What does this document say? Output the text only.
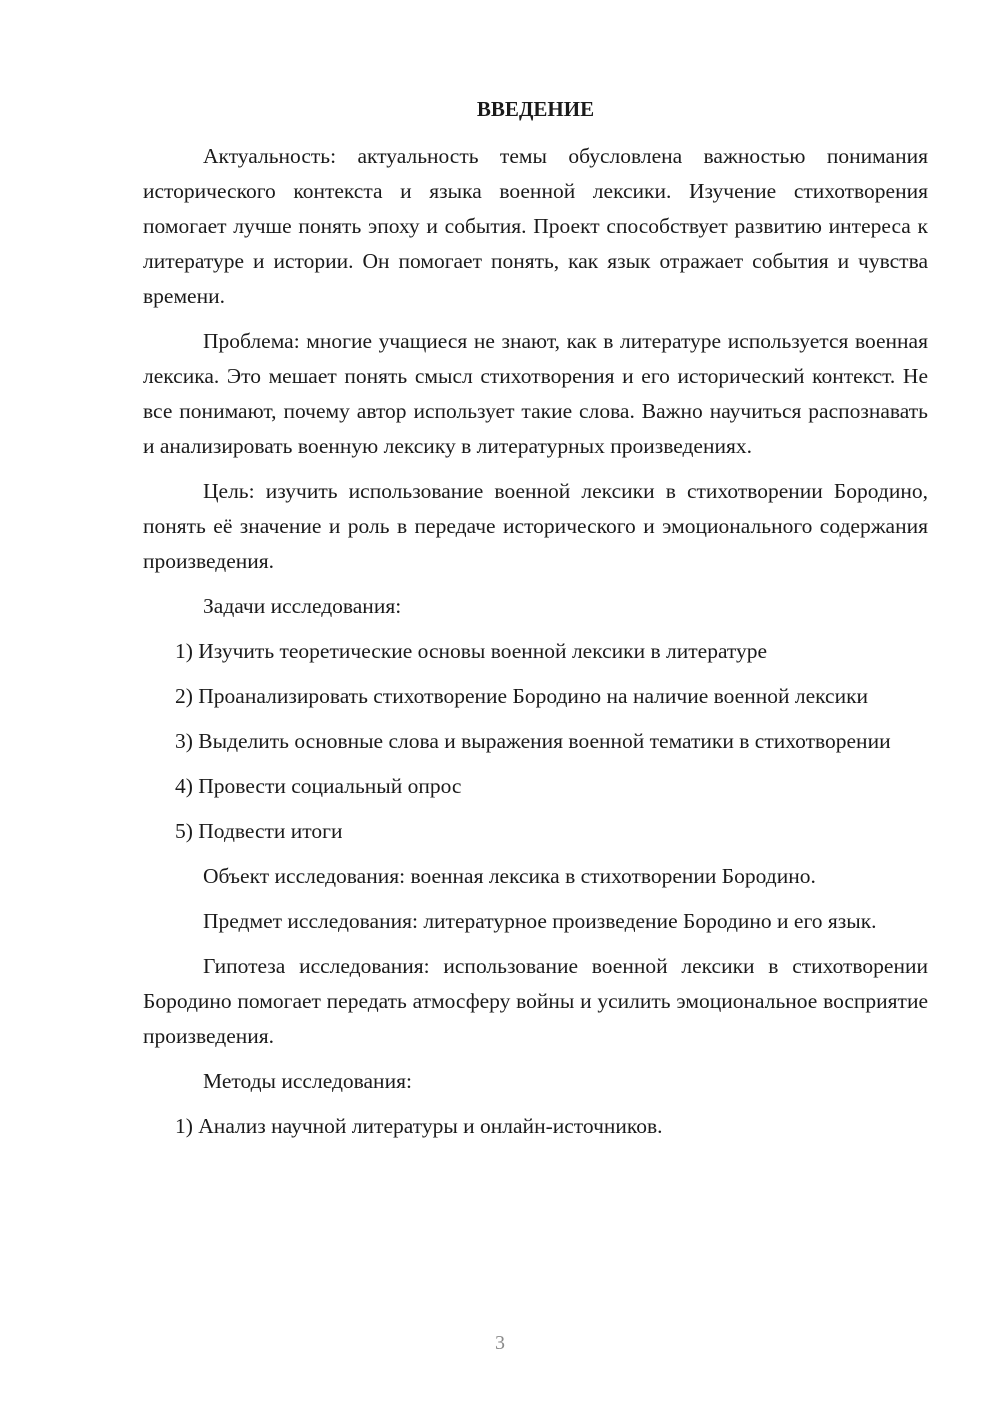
ВВЕДЕНИЕ

Актуальность: актуальность темы обусловлена важностью понимания исторического контекста и языка военной лексики. Изучение стихотворения помогает лучше понять эпоху и события. Проект способствует развитию интереса к литературе и истории. Он помогает понять, как язык отражает события и чувства времени.

Проблема: многие учащиеся не знают, как в литературе используется военная лексика. Это мешает понять смысл стихотворения и его исторический контекст. Не все понимают, почему автор использует такие слова. Важно научиться распознавать и анализировать военную лексику в литературных произведениях.

Цель: изучить использование военной лексики в стихотворении Бородино, понять её значение и роль в передаче исторического и эмоционального содержания произведения.

Задачи исследования:

1) Изучить теоретические основы военной лексики в литературе

2) Проанализировать стихотворение Бородино на наличие военной лексики

3) Выделить основные слова и выражения военной тематики в стихотворении

4) Провести социальный опрос

5) Подвести итоги

Объект исследования: военная лексика в стихотворении Бородино.

Предмет исследования: литературное произведение Бородино и его язык.

Гипотеза исследования: использование военной лексики в стихотворении Бородино помогает передать атмосферу войны и усилить эмоциональное восприятие произведения.

Методы исследования:

1) Анализ научной литературы и онлайн-источников.

3
